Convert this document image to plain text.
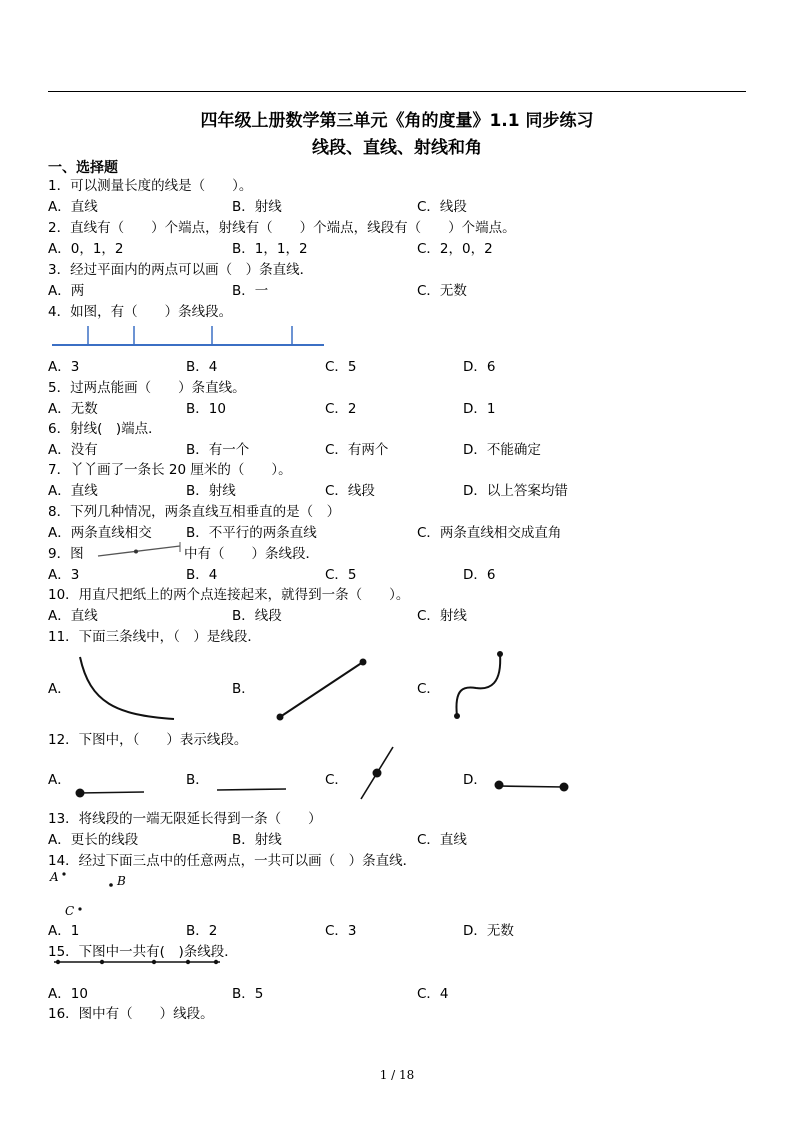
四年级上册数学第三单元《角的度量》1.1 同步练习
线段、直线、射线和角
一、选择题
1．可以测量长度的线是（　　）。
A．直线	B．射线	C．线段
2．直线有（　　）个端点，射线有（　　）个端点，线段有（　　）个端点。
A．0，1，2	B．1，1，2	C．2，0，2
3．经过平面内的两点可以画（　）条直线．
A．两	B．一	C．无数
4．如图，有（　　）条线段。
A．3	B．4	C．5	D．6
5．过两点能画（　　）条直线。
A．无数	B．10	C．2	D．1
6．射线(　)端点．
A．没有	B．有一个	C．有两个	D．不能确定
7．丫丫画了一条长 20 厘米的（　　）。
A．直线	B．射线	C．线段	D．以上答案均错
8．下列几种情况，两条直线互相垂直的是（　）
A．两条直线相交	B．不平行的两条直线	C．两条直线相交成直角
9．图	中有（　　）条线段．
A．3	B．4	C．5	D．6
10．用直尺把纸上的两个点连接起来，就得到一条（　　）。
A．直线	B．线段	C．射线
11．下面三条线中，（　）是线段．
A．	B．	C．
12．下图中，（　　）表示线段。
A．	B．	C．	D．
13．将线段的一端无限延长得到一条（　　）
A．更长的线段	B．射线	C．直线
14．经过下面三点中的任意两点，一共可以画（　）条直线．
A	B
C
A．1	B．2	C．3	D．无数
15．下图中一共有(　)条线段．
A．10	B．5	C．4
16．图中有（　　）线段。
1 / 18
